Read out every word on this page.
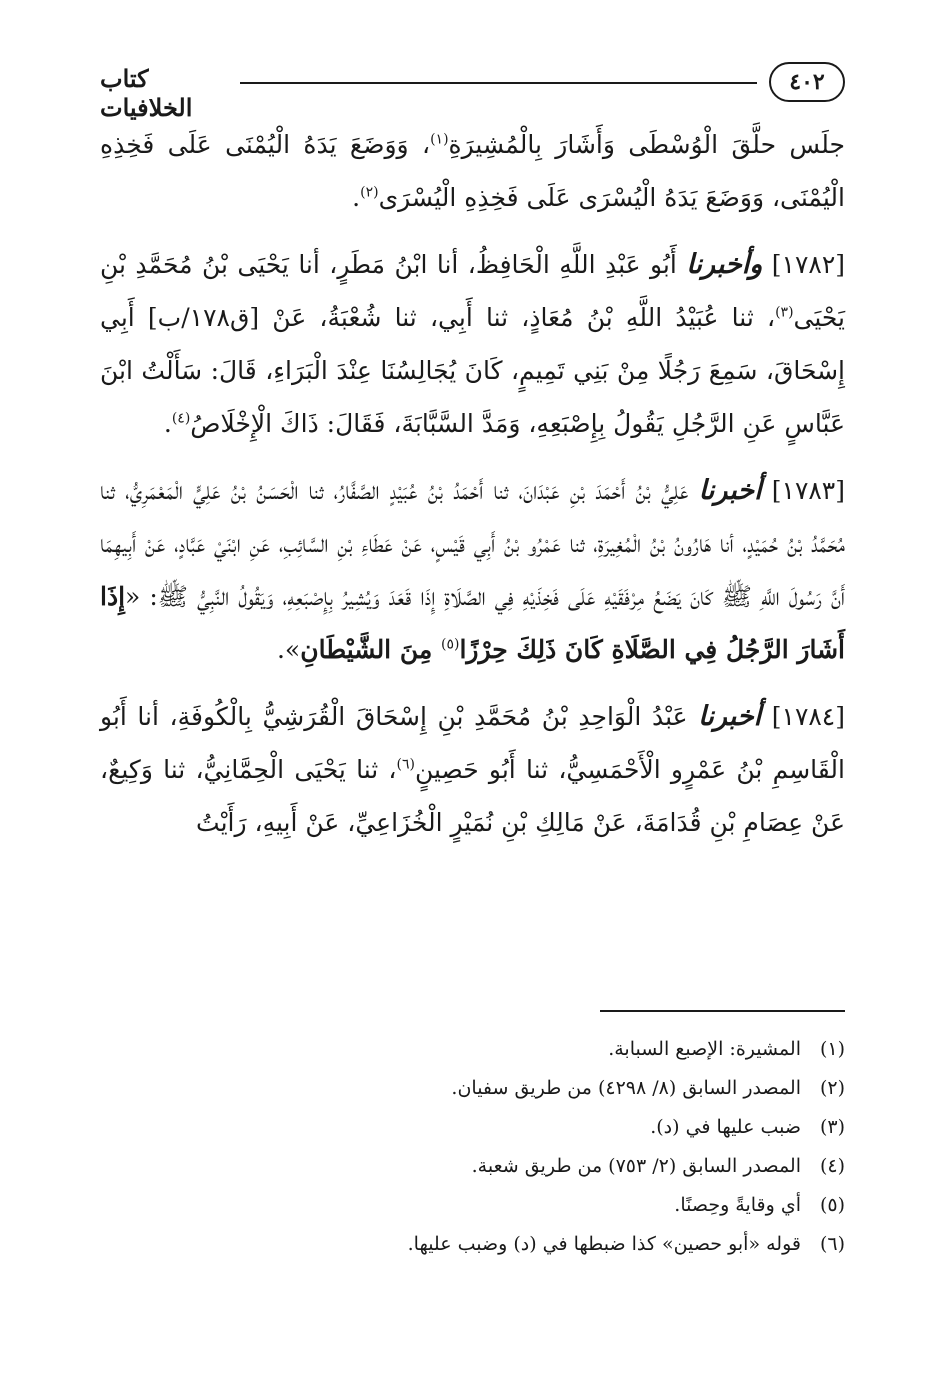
٤٠٢
كتاب الخلافيات

جلَس حلَّقَ الْوُسْطَى وَأَشَارَ بِالْمُشِيرَةِ$^{(١)}$، وَوَضَعَ يَدَهُ الْيُمْنَى عَلَى فَخِذِهِ الْيُمْنَى، وَوَضَعَ يَدَهُ الْيُسْرَى عَلَى فَخِذِهِ الْيُسْرَى$^{(٢)}$.

[١٧٨٢] وأخبرنا أَبُو عَبْدِ اللَّهِ الْحَافِظُ، أنا ابْنُ مَطَرٍ، أنا يَحْيَى بْنُ مُحَمَّدِ بْنِ يَحْيَى$^{(٣)}$، ثنا عُبَيْدُ اللَّهِ بْنُ مُعَاذٍ، ثنا أَبِي، ثنا شُعْبَةُ، عَنْ [ق١٧٨/ب] أَبِي إِسْحَاقَ، سَمِعَ رَجُلًا مِنْ بَنِي تَمِيمٍ، كَانَ يُجَالِسُنَا عِنْدَ الْبَرَاءِ، قَالَ: سَأَلْتُ ابْنَ عَبَّاسٍ عَنِ الرَّجُلِ يَقُولُ بِإِصْبَعِهِ، وَمَدَّ السَّبَّابَةَ، فَقَالَ: ذَاكَ الْإِخْلَاصُ$^{(٤)}$.

[١٧٨٣] أخبرنا عَلِيُّ بْنُ أَحْمَدَ بْنِ عَبْدَانَ، ثنا أَحْمَدُ بْنُ عُبَيْدٍ الصَّفَّارُ، ثنا الْحَسَنُ بْنُ عَلِيٍّ الْمَعْمَرِيُّ، ثنا مُحَمَّدُ بْنُ حُمَيْدٍ، أنا هَارُونُ بْنُ الْمُغِيرَةِ، ثنا عَمْرُو بْنُ أَبِي قَيْسٍ، عَنْ عَطَاءِ بْنِ السَّائِبِ، عَنِ ابْنَيْ عَبَّادٍ، عَنْ أَبِيهِمَا أَنَّ رَسُولَ اللَّهِ ﷺ كَانَ يَضَعُ مِرْفَقَيْهِ عَلَى فَخِذَيْهِ فِي الصَّلَاةِ إِذَا قَعَدَ وَيُشِيرُ بِإِصْبَعِهِ، وَيَقُولُ النَّبِيُّ ﷺ: «إِذَا أَشَارَ الرَّجُلُ فِي الصَّلَاةِ كَانَ ذَلِكَ حِرْزًا$^{(٥)}$ مِنَ الشَّيْطَانِ».

[١٧٨٤] أخبرنا عَبْدُ الْوَاحِدِ بْنُ مُحَمَّدِ بْنِ إِسْحَاقَ الْقُرَشِيُّ بِالْكُوفَةِ، أنا أَبُو الْقَاسِمِ بْنُ عَمْرٍو الْأَحْمَسِيُّ، ثنا أَبُو حَصِينٍ$^{(٦)}$، ثنا يَحْيَى الْحِمَّانِيُّ، ثنا وَكِيعٌ، عَنْ عِصَامِ بْنِ قُدَامَةَ، عَنْ مَالِكِ بْنِ نُمَيْرٍ الْخُزَاعِيِّ، عَنْ أَبِيهِ، رَأَيْتُ

(١)
المشيرة: الإصبع السبابة.
(٢)
المصدر السابق (٨/ ٤٢٩٨) من طريق سفيان.
(٣)
ضبب عليها في (د).
(٤)
المصدر السابق (٢/ ٧٥٣) من طريق شعبة.
(٥)
أي وقايةً وحِصنًا.
(٦)
قوله «أبو حصين» كذا ضبطها في (د) وضبب عليها.
